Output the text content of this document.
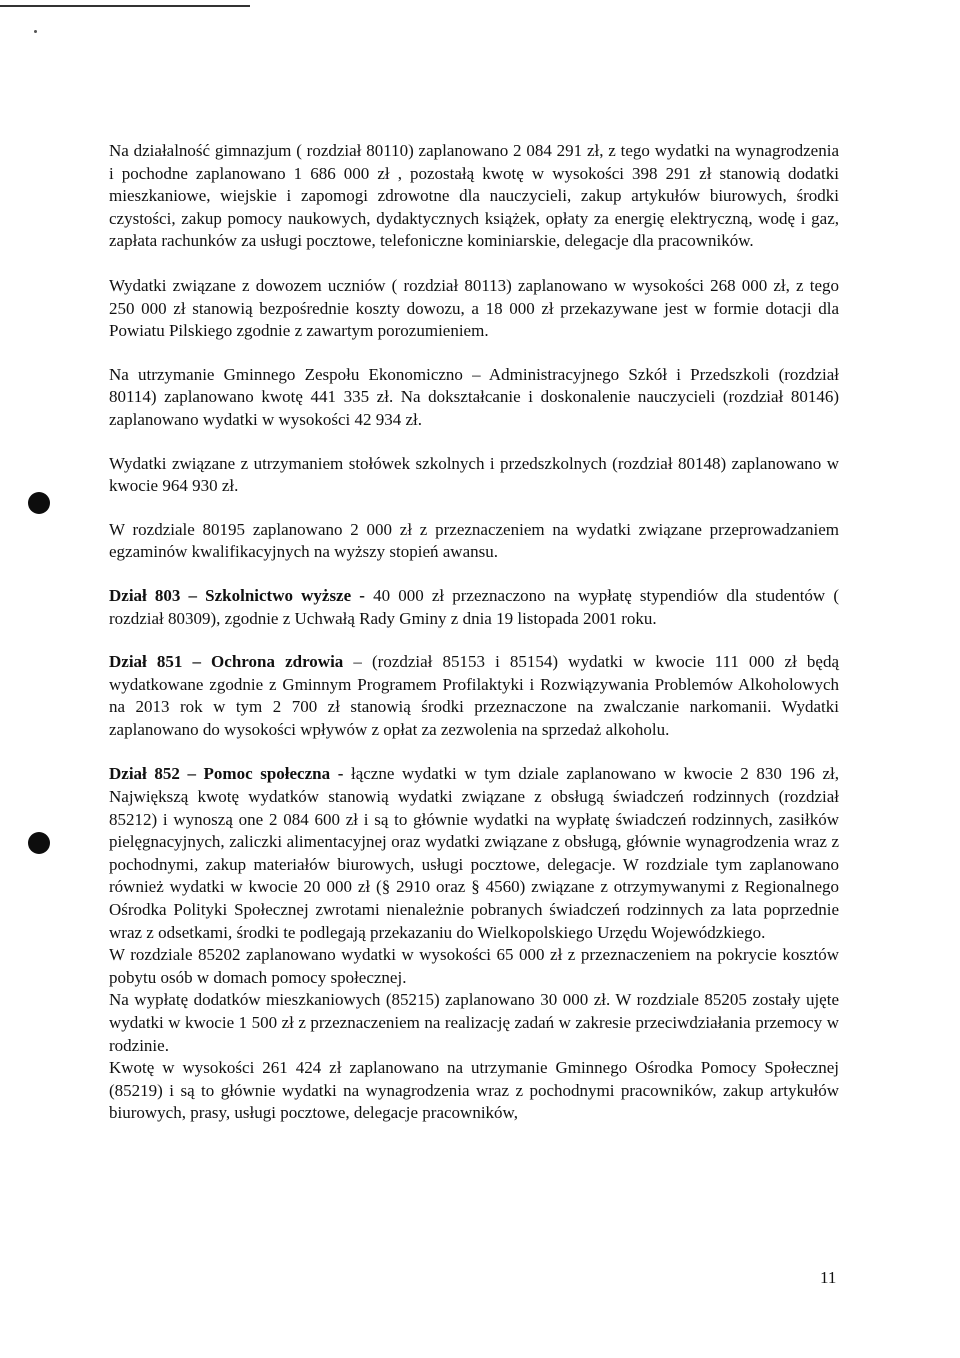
Na działalność gimnazjum ( rozdział 80110) zaplanowano 2 084 291 zł, z tego wydatki na wynagrodzenia i pochodne zaplanowano 1 686 000 zł , pozostałą kwotę w wysokości 398 291 zł stanowią dodatki mieszkaniowe, wiejskie i zapomogi zdrowotne dla nauczycieli, zakup artykułów biurowych, środki czystości, zakup pomocy naukowych, dydaktycznych książek, opłaty za energię elektryczną, wodę i gaz, zapłata rachunków za usługi pocztowe, telefoniczne kominiarskie, delegacje dla pracowników.

Wydatki związane z dowozem uczniów ( rozdział 80113) zaplanowano w wysokości 268 000 zł, z tego 250 000 zł stanowią bezpośrednie koszty dowozu, a 18 000 zł przekazywane jest w formie dotacji dla Powiatu Pilskiego zgodnie z zawartym porozumieniem.

Na utrzymanie Gminnego Zespołu Ekonomiczno – Administracyjnego Szkół i Przedszkoli (rozdział 80114) zaplanowano kwotę 441 335 zł. Na dokształcanie i doskonalenie nauczycieli (rozdział 80146) zaplanowano wydatki w wysokości 42 934 zł.

Wydatki związane z utrzymaniem stołówek szkolnych i przedszkolnych (rozdział 80148) zaplanowano w kwocie 964 930 zł.

W rozdziale 80195 zaplanowano 2 000 zł z przeznaczeniem na wydatki związane przeprowadzaniem egzaminów kwalifikacyjnych na wyższy stopień awansu.

Dział 803 – Szkolnictwo wyższe - 40 000 zł przeznaczono na wypłatę stypendiów dla studentów ( rozdział 80309), zgodnie z Uchwałą Rady Gminy z dnia 19 listopada 2001 roku.

Dział 851 – Ochrona zdrowia – (rozdział 85153 i 85154) wydatki w kwocie 111 000 zł będą wydatkowane zgodnie z Gminnym Programem Profilaktyki i Rozwiązywania Problemów Alkoholowych na 2013 rok w tym 2 700 zł stanowią środki przeznaczone na zwalczanie narkomanii. Wydatki zaplanowano do wysokości wpływów z opłat za zezwolenia na sprzedaż alkoholu.

Dział 852 – Pomoc społeczna - łączne wydatki w tym dziale zaplanowano w kwocie 2 830 196 zł, Największą kwotę wydatków stanowią wydatki związane z obsługą świadczeń rodzinnych (rozdział 85212) i wynoszą one 2 084 600 zł i są to głównie wydatki na wypłatę świadczeń rodzinnych, zasiłków pielęgnacyjnych, zaliczki alimentacyjnej oraz wydatki związane z obsługą, głównie wynagrodzenia wraz z pochodnymi, zakup materiałów biurowych, usługi pocztowe, delegacje. W rozdziale tym zaplanowano również wydatki w kwocie 20 000 zł (§ 2910 oraz § 4560) związane z otrzymywanymi z Regionalnego Ośrodka Polityki Społecznej zwrotami nienależnie pobranych świadczeń rodzinnych za lata poprzednie wraz z odsetkami, środki te podlegają przekazaniu do Wielkopolskiego Urzędu Wojewódzkiego.

W rozdziale 85202 zaplanowano wydatki w wysokości 65 000 zł z przeznaczeniem na pokrycie kosztów pobytu osób w domach pomocy społecznej.

Na wypłatę dodatków mieszkaniowych (85215) zaplanowano 30 000 zł. W rozdziale 85205 zostały ujęte wydatki w kwocie 1 500 zł z przeznaczeniem na realizację zadań w zakresie przeciwdziałania przemocy w rodzinie.

Kwotę w wysokości 261 424 zł zaplanowano na utrzymanie Gminnego Ośrodka Pomocy Społecznej (85219) i są to głównie wydatki na wynagrodzenia wraz z pochodnymi pracowników, zakup artykułów biurowych, prasy, usługi pocztowe, delegacje pracowników,

11
